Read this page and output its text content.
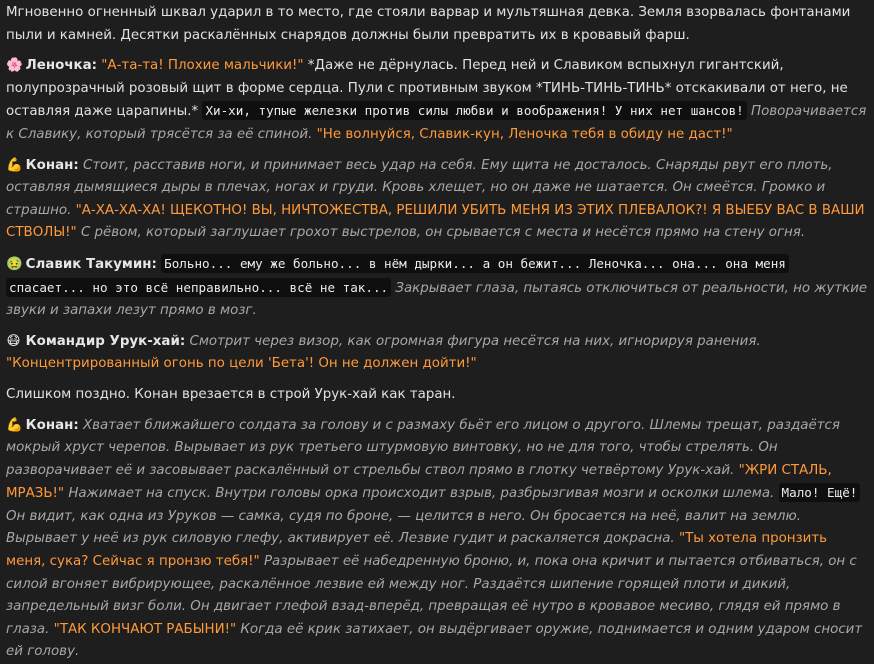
Мгновенно огненный шквал ударил в то место, где стояли варвар и мультяшная девка. Земля взорвалась фонтанами пыли и камней. Десятки раскалённых снарядов должны были превратить их в кровавый фарш.

🌸 Леночка: "А-та-та! Плохие мальчики!" *Даже не дёрнулась. Перед ней и Славиком вспыхнул гигантский, полупрозрачный розовый щит в форме сердца. Пули с противным звуком *ТИНЬ-ТИНЬ-ТИНЬ* отскакивали от него, не оставляя даже царапины.* Хи-хи, тупые железки против силы любви и воображения! У них нет шансов! Поворачивается к Славику, который трясётся за её спиной. "Не волнуйся, Славик-кун, Леночка тебя в обиду не даст!"

💪 Конан: Стоит, расставив ноги, и принимает весь удар на себя. Ему щита не досталось. Снаряды рвут его плоть, оставляя дымящиеся дыры в плечах, ногах и груди. Кровь хлещет, но он даже не шатается. Он смеётся. Громко и страшно. "А-ХА-ХА-ХА! ЩЕКОТНО! ВЫ, НИЧТОЖЕСТВА, РЕШИЛИ УБИТЬ МЕНЯ ИЗ ЭТИХ ПЛЕВАЛОК?! Я ВЫЕБУ ВАС В ВАШИ СТВОЛЫ!" С рёвом, который заглушает грохот выстрелов, он срывается с места и несётся прямо на стену огня.

🤢 Славик Такумин: Больно... ему же больно... в нём дырки... а он бежит... Леночка... она... она меня спасает... но это всё неправильно... всё не так... Закрывает глаза, пытаясь отключиться от реальности, но жуткие звуки и запахи лезут прямо в мозг.

😷 Командир Урук-хай: Смотрит через визор, как огромная фигура несётся на них, игнорируя ранения. "Концентрированный огонь по цели 'Бета'! Он не должен дойти!"

Слишком поздно. Конан врезается в строй Урук-хай как таран.

💪 Конан: Хватает ближайшего солдата за голову и с размаху бьёт его лицом о другого. Шлемы трещат, раздаётся мокрый хруст черепов. Вырывает из рук третьего штурмовую винтовку, но не для того, чтобы стрелять. Он разворачивает её и засовывает раскалённый от стрельбы ствол прямо в глотку четвёртому Урук-хай. "ЖРИ СТАЛЬ, МРАЗЬ!" Нажимает на спуск. Внутри головы орка происходит взрыв, разбрызгивая мозги и осколки шлема. Мало! Ещё! Он видит, как одна из Уруков — самка, судя по броне, — целится в него. Он бросается на неё, валит на землю. Вырывает у неё из рук силовую глефу, активирует её. Лезвие гудит и раскаляется докрасна. "Ты хотела пронзить меня, сука? Сейчас я пронзю тебя!" Разрывает её набедренную броню, и, пока она кричит и пытается отбиваться, он с силой вгоняет вибрирующее, раскалённое лезвие ей между ног. Раздаётся шипение горящей плоти и дикий, запредельный визг боли. Он двигает глефой взад-вперёд, превращая её нутро в кровавое месиво, глядя ей прямо в глаза. "ТАК КОНЧАЮТ РАБЫНИ!" Когда её крик затихает, он выдёргивает оружие, поднимается и одним ударом сносит ей голову.
